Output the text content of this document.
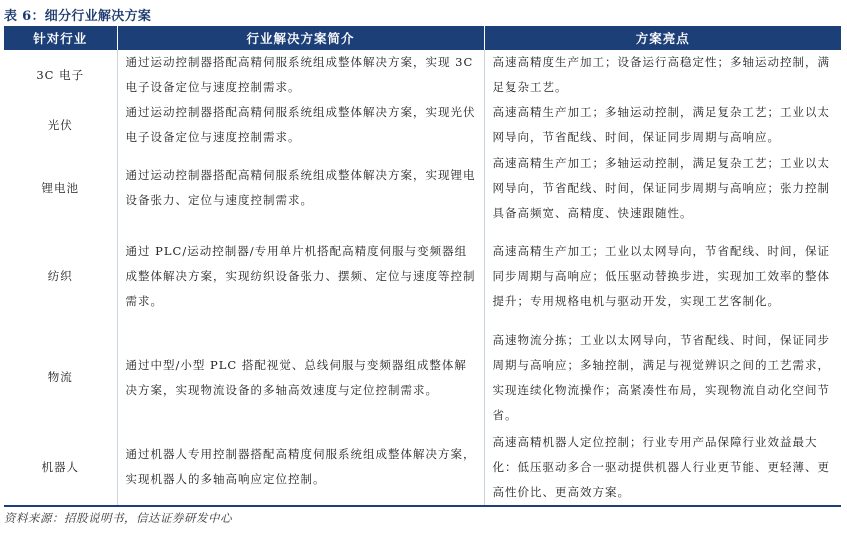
表 6：细分行业解决方案
针对行业	行业解决方案简介	方案亮点
3C 电子	通过运动控制器搭配高精伺服系统组成整体解决方案，实现 3C 电子设备定位与速度控制需求。	高速高精度生产加工；设备运行高稳定性；多轴运动控制，满足复杂工艺。
光伏	通过运动控制器搭配高精伺服系统组成整体解决方案，实现光伏电子设备定位与速度控制需求。	高速高精生产加工；多轴运动控制，满足复杂工艺；工业以太网导向，节省配线、时间，保证同步周期与高响应。
锂电池	通过运动控制器搭配高精伺服系统组成整体解决方案，实现锂电设备张力、定位与速度控制需求。	高速高精生产加工；多轴运动控制，满足复杂工艺；工业以太网导向，节省配线、时间，保证同步周期与高响应；张力控制具备高频宽、高精度、快速跟随性。
纺织	通过 PLC/运动控制器/专用单片机搭配高精度伺服与变频器组成整体解决方案，实现纺织设备张力、摆频、定位与速度等控制需求。	高速高精生产加工；工业以太网导向，节省配线、时间，保证同步周期与高响应；低压驱动替换步进，实现加工效率的整体提升；专用规格电机与驱动开发，实现工艺客制化。
物流	通过中型/小型 PLC 搭配视觉、总线伺服与变频器组成整体解决方案，实现物流设备的多轴高效速度与定位控制需求。	高速物流分拣；工业以太网导向，节省配线、时间，保证同步周期与高响应；多轴控制，满足与视觉辨识之间的工艺需求，实现连续化物流操作；高紧凑性布局，实现物流自动化空间节省。
机器人	通过机器人专用控制器搭配高精度伺服系统组成整体解决方案，实现机器人的多轴高响应定位控制。	高速高精机器人定位控制；行业专用产品保障行业效益最大化：低压驱动多合一驱动提供机器人行业更节能、更轻薄、更高性价比、更高效方案。
资料来源：招股说明书，信达证券研发中心
